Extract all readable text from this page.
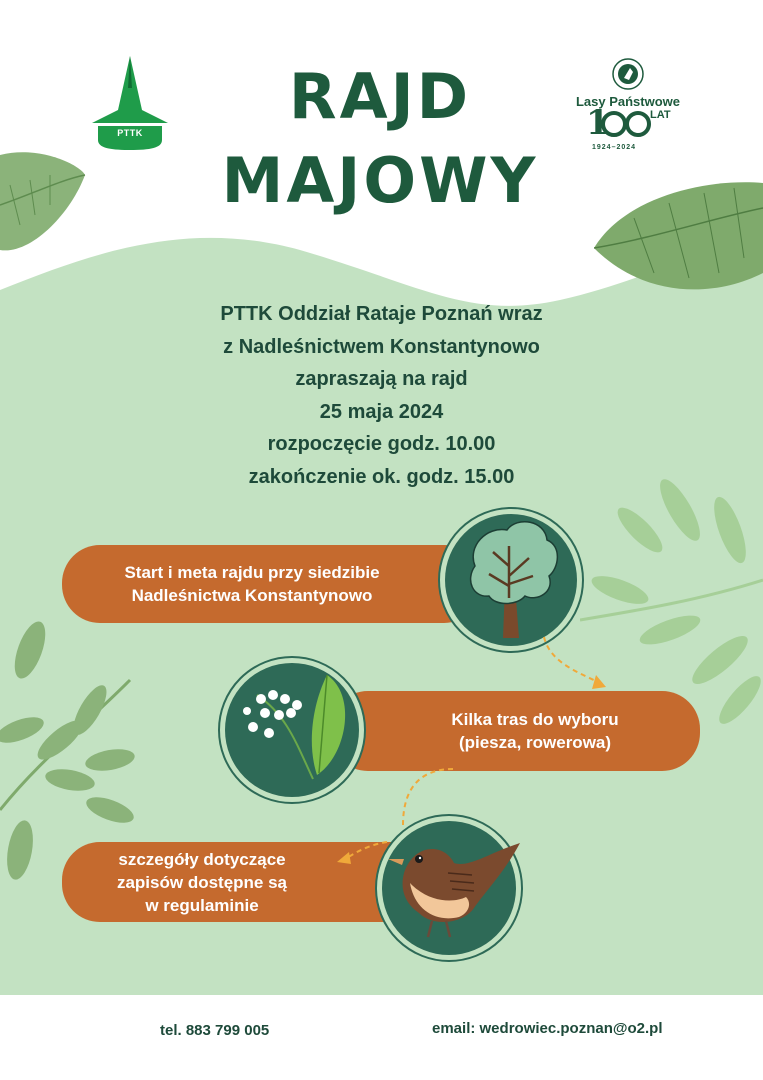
PTTK	RAJD
MAJOWY
1
Lasy Państwowe
LAT
1924–2024
PTTK Oddział Rataje Poznań wraz
z Nadleśnictwem Konstantynowo
zapraszają na rajd
25 maja 2024
rozpoczęcie godz. 10.00
zakończenie ok. godz. 15.00
Start i meta rajdu przy siedzibie
Nadleśnictwa Konstantynowo
Kilka tras do wyboru
(piesza, rowerowa)
szczegóły dotyczące
zapisów dostępne są
w regulaminie
tel. 883 799 005	email: wedrowiec.poznan@o2.pl
